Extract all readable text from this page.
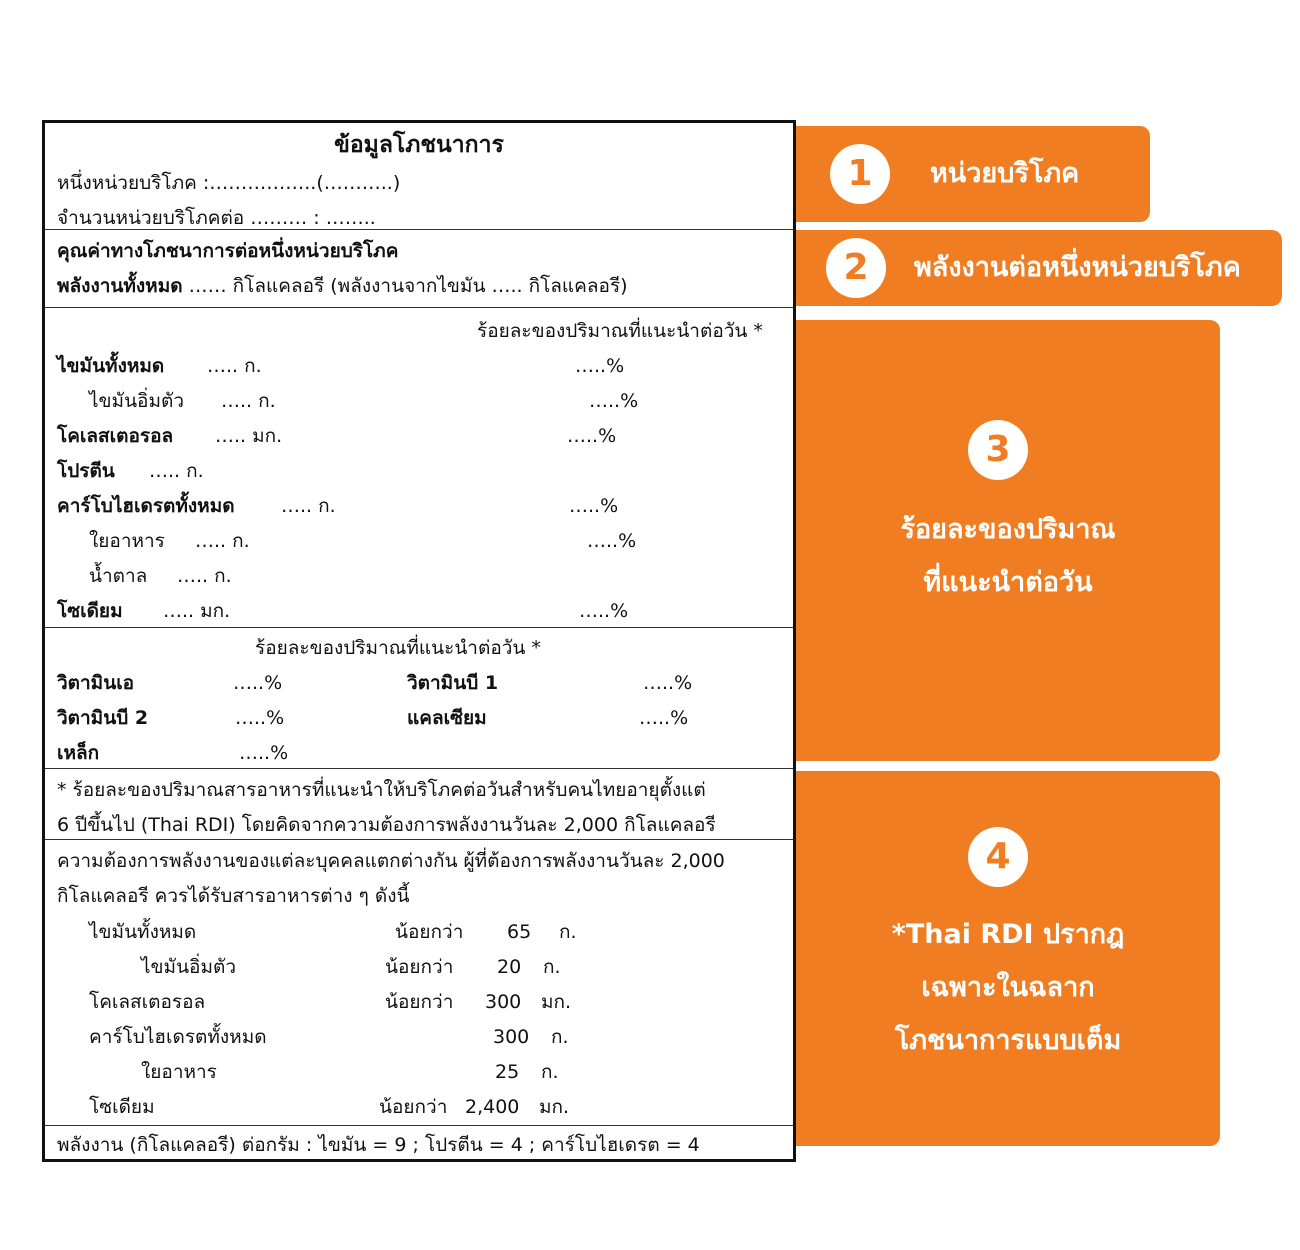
ข้อมูลโภชนาการ
หนึ่งหน่วยบริโภค :……………..(………..)
จำนวนหน่วยบริโภคต่อ ……… : ……..
คุณค่าทางโภชนาการต่อหนึ่งหน่วยบริโภค
พลังงานทั้งหมด …… กิโลแคลอรี (พลังงานจากไขมัน ….. กิโลแคลอรี)
ร้อยละของปริมาณที่แนะนำต่อวัน *
ไขมันทั้งหมด ….. ก.	…..%
ไขมันอิ่มตัว ….. ก.	…..%
โคเลสเตอรอล ….. มก.	…..%
โปรตีน ….. ก.
คาร์โบไฮเดรตทั้งหมด ….. ก.	…..%
ใยอาหาร ….. ก.	…..%
น้ำตาล ….. ก.
โซเดียม ….. มก.	…..%
ร้อยละของปริมาณที่แนะนำต่อวัน *
วิตามินเอ	…..%	วิตามินบี 1	…..%
วิตามินบี 2	…..%	แคลเซียม	…..%
เหล็ก	…..%
* ร้อยละของปริมาณสารอาหารที่แนะนำให้บริโภคต่อวันสำหรับคนไทยอายุตั้งแต่
6 ปีขึ้นไป (Thai RDI) โดยคิดจากความต้องการพลังงานวันละ 2,000 กิโลแคลอรี
ความต้องการพลังงานของแต่ละบุคคลแตกต่างกัน ผู้ที่ต้องการพลังงานวันละ 2,000
กิโลแคลอรี ควรได้รับสารอาหารต่าง ๆ ดังนี้
ไขมันทั้งหมด	น้อยกว่า 65 ก.
ไขมันอิ่มตัว	น้อยกว่า 20 ก.
โคเลสเตอรอล	น้อยกว่า 300 มก.
คาร์โบไฮเดรตทั้งหมด	300 ก.
ใยอาหาร	25 ก.
โซเดียม	น้อยกว่า 2,400 มก.
พลังงาน (กิโลแคลอรี) ต่อกรัม : ไขมัน = 9 ; โปรตีน = 4 ; คาร์โบไฮเดรต = 4
1	หน่วยบริโภค
2	พลังงานต่อหนึ่งหน่วยบริโภค
3
ร้อยละของปริมาณ
ที่แนะนำต่อวัน
4
*Thai RDI ปรากฎ
เฉพาะในฉลาก
โภชนาการแบบเต็ม
